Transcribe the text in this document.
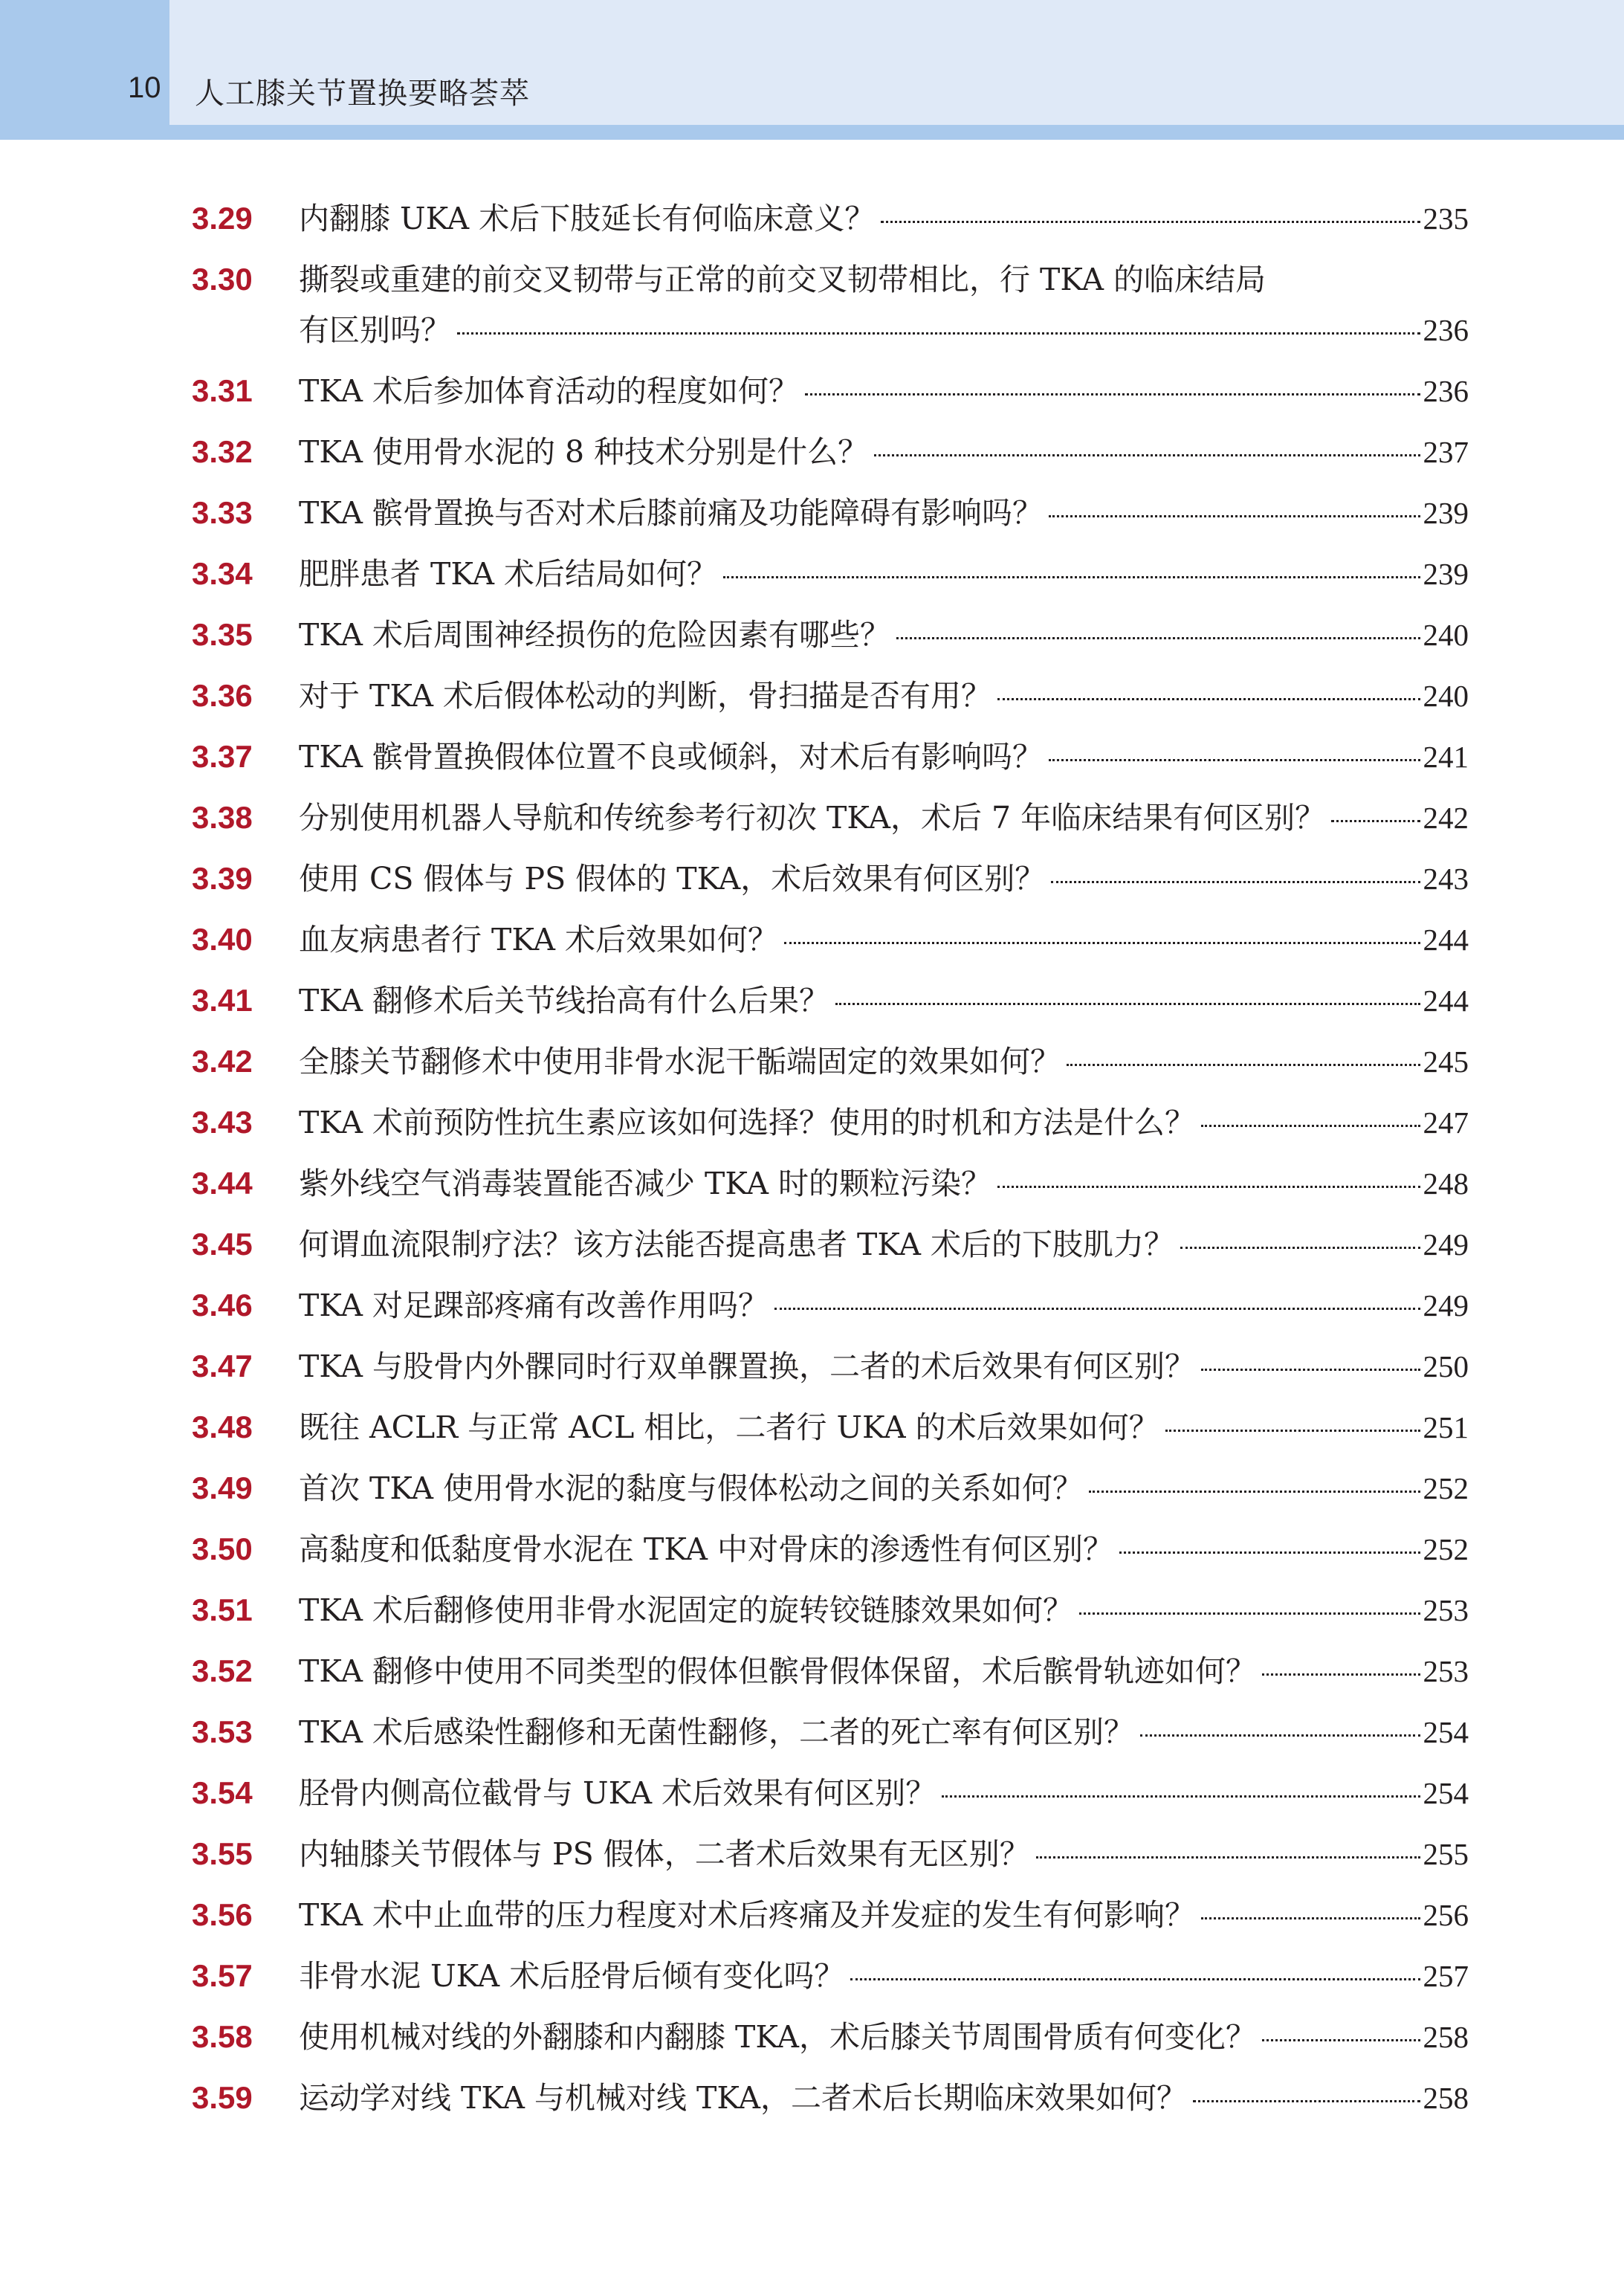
10 人工膝关节置换要略荟萃
3.29 内翻膝 UKA 术后下肢延长有何临床意义？	235
3.30 撕裂或重建的前交叉韧带与正常的前交叉韧带相比，行 TKA 的临床结局
有区别吗？	236
3.31 TKA 术后参加体育活动的程度如何？	236
3.32 TKA 使用骨水泥的 8 种技术分别是什么？	237
3.33 TKA 髌骨置换与否对术后膝前痛及功能障碍有影响吗？	239
3.34 肥胖患者 TKA 术后结局如何？	239
3.35 TKA 术后周围神经损伤的危险因素有哪些？	240
3.36 对于 TKA 术后假体松动的判断，骨扫描是否有用？	240
3.37 TKA 髌骨置换假体位置不良或倾斜，对术后有影响吗？	241
3.38 分别使用机器人导航和传统参考行初次 TKA，术后 7 年临床结果有何区别？	242
3.39 使用 CS 假体与 PS 假体的 TKA，术后效果有何区别？	243
3.40 血友病患者行 TKA 术后效果如何？	244
3.41 TKA 翻修术后关节线抬高有什么后果？	244
3.42 全膝关节翻修术中使用非骨水泥干骺端固定的效果如何？	245
3.43 TKA 术前预防性抗生素应该如何选择？使用的时机和方法是什么？	247
3.44 紫外线空气消毒装置能否减少 TKA 时的颗粒污染？	248
3.45 何谓血流限制疗法？该方法能否提高患者 TKA 术后的下肢肌力？	249
3.46 TKA 对足踝部疼痛有改善作用吗？	249
3.47 TKA 与股骨内外髁同时行双单髁置换，二者的术后效果有何区别？	250
3.48 既往 ACLR 与正常 ACL 相比，二者行 UKA 的术后效果如何？	251
3.49 首次 TKA 使用骨水泥的黏度与假体松动之间的关系如何？	252
3.50 高黏度和低黏度骨水泥在 TKA 中对骨床的渗透性有何区别？	252
3.51 TKA 术后翻修使用非骨水泥固定的旋转铰链膝效果如何？	253
3.52 TKA 翻修中使用不同类型的假体但髌骨假体保留，术后髌骨轨迹如何？	253
3.53 TKA 术后感染性翻修和无菌性翻修，二者的死亡率有何区别？	254
3.54 胫骨内侧高位截骨与 UKA 术后效果有何区别？	254
3.55 内轴膝关节假体与 PS 假体，二者术后效果有无区别？	255
3.56 TKA 术中止血带的压力程度对术后疼痛及并发症的发生有何影响？	256
3.57 非骨水泥 UKA 术后胫骨后倾有变化吗？	257
3.58 使用机械对线的外翻膝和内翻膝 TKA，术后膝关节周围骨质有何变化？	258
3.59 运动学对线 TKA 与机械对线 TKA，二者术后长期临床效果如何？	258
